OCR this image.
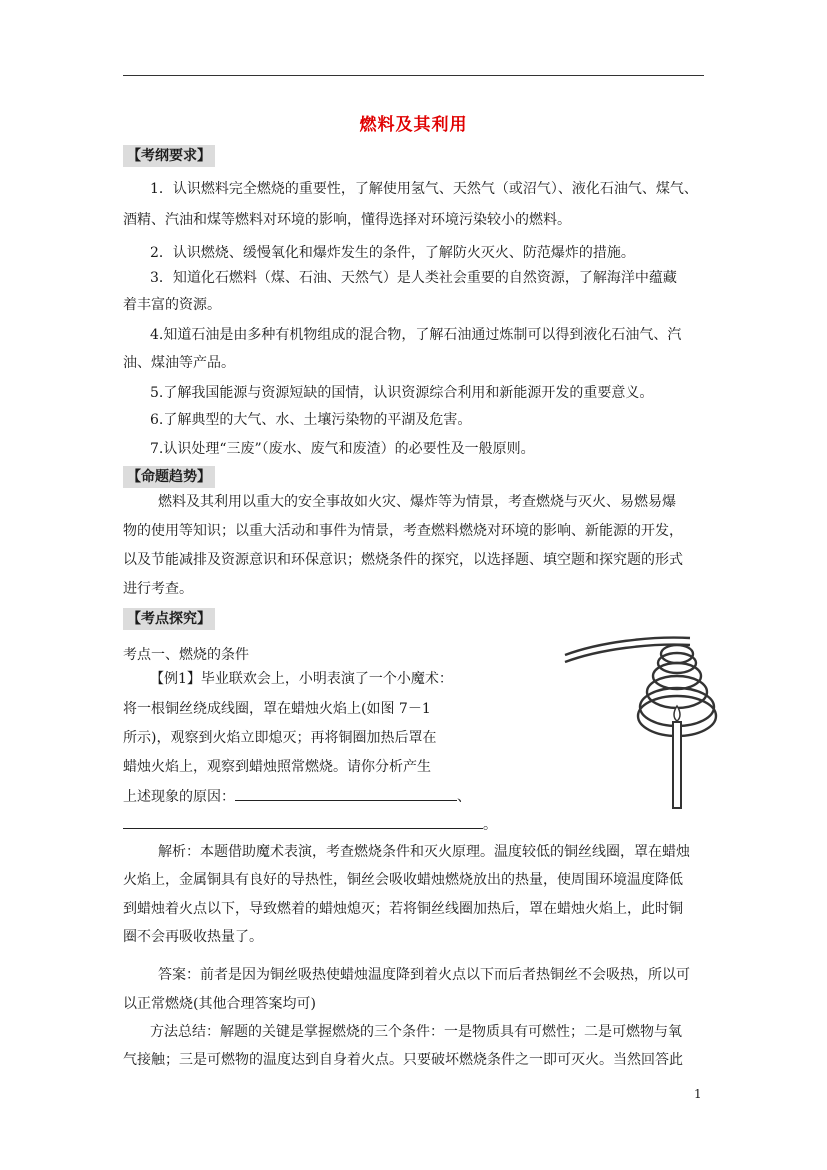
燃料及其利用
【考纲要求】
1．认识燃料完全燃烧的重要性，了解使用氢气、天然气（或沼气）、液化石油气、煤气、
酒精、汽油和煤等燃料对环境的影响，懂得选择对环境污染较小的燃料。
2．认识燃烧、缓慢氧化和爆炸发生的条件，了解防火灭火、防范爆炸的措施。
3．知道化石燃料（煤、石油、天然气）是人类社会重要的自然资源，了解海洋中蕴藏
着丰富的资源。
4.知道石油是由多种有机物组成的混合物，了解石油通过炼制可以得到液化石油气、汽
油、煤油等产品。
5.了解我国能源与资源短缺的国情，认识资源综合利用和新能源开发的重要意义。
6.了解典型的大气、水、土壤污染物的平湖及危害。
7.认识处理“三废”（废水、废气和废渣）的必要性及一般原则。
【命题趋势】
燃料及其利用以重大的安全事故如火灾、爆炸等为情景，考查燃烧与灭火、易燃易爆
物的使用等知识；以重大活动和事件为情景，考查燃料燃烧对环境的影响、新能源的开发，
以及节能减排及资源意识和环保意识；燃烧条件的探究，以选择题、填空题和探究题的形式
进行考查。
【考点探究】
考点一、燃烧的条件
【例1】毕业联欢会上，小明表演了一个小魔术：
将一根铜丝绕成线圈，罩在蜡烛火焰上(如图 7－1
所示)，观察到火焰立即熄灭；再将铜圈加热后罩在
蜡烛火焰上，观察到蜡烛照常燃烧。请你分析产生
上述现象的原因：	、
。
解析：本题借助魔术表演，考查燃烧条件和灭火原理。温度较低的铜丝线圈，罩在蜡烛
火焰上，金属铜具有良好的导热性，铜丝会吸收蜡烛燃烧放出的热量，使周围环境温度降低
到蜡烛着火点以下，导致燃着的蜡烛熄灭；若将铜丝线圈加热后，罩在蜡烛火焰上，此时铜
圈不会再吸收热量了。
答案：前者是因为铜丝吸热使蜡烛温度降到着火点以下而后者热铜丝不会吸热，所以可
以正常燃烧(其他合理答案均可)
方法总结：解题的关键是掌握燃烧的三个条件：一是物质具有可燃性；二是可燃物与氧
气接触；三是可燃物的温度达到自身着火点。只要破坏燃烧条件之一即可灭火。当然回答此
1
